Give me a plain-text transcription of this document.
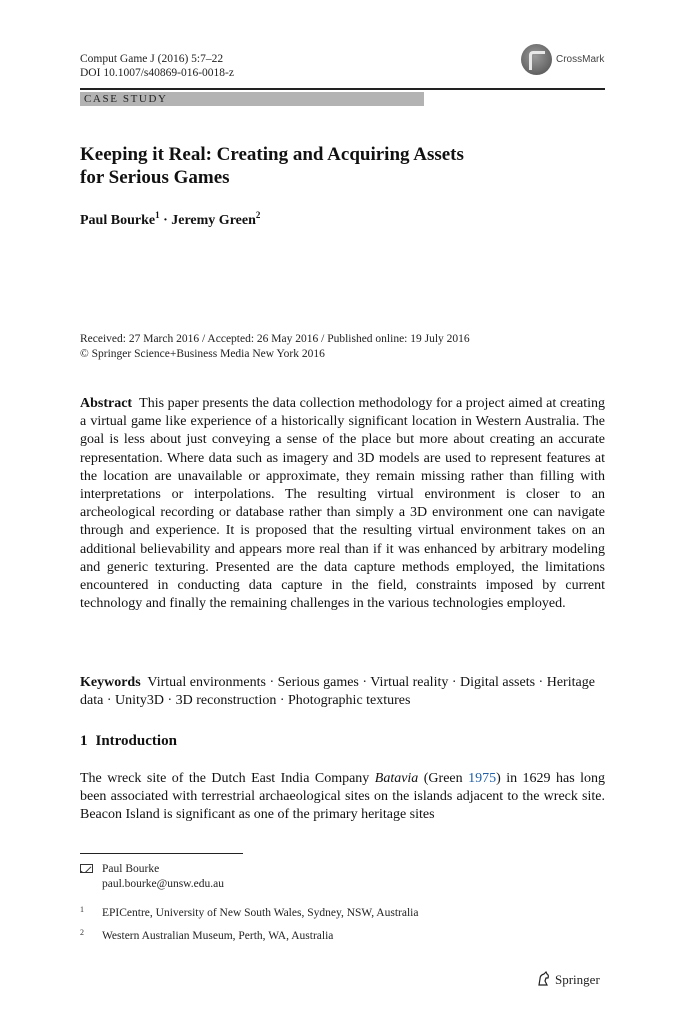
Comput Game J (2016) 5:7–22
DOI 10.1007/s40869-016-0018-z
CrossMark
CASE STUDY
Keeping it Real: Creating and Acquiring Assets
for Serious Games
Paul Bourke$^1$ · Jeremy Green$^2$
Received: 27 March 2016 / Accepted: 26 May 2016 / Published online: 19 July 2016
© Springer Science+Business Media New York 2016

Abstract This paper presents the data collection methodology for a project aimed at creating a virtual game like experience of a historically significant location in Western Australia. The goal is less about just conveying a sense of the place but more about creating an accurate representation. Where data such as imagery and 3D models are used to represent features at the location are unavailable or approximate, they remain missing rather than filling with interpretations or interpolations. The resulting virtual environment is closer to an archeological recording or database rather than simply a 3D environment one can navigate through and experience. It is proposed that the resulting virtual environment takes on an additional believability and appears more real than if it was enhanced by arbitrary modeling and generic texturing. Presented are the data capture methods employed, the limitations encountered in conducting data capture in the field, constraints imposed by current technology and finally the remaining challenges in the various technologies employed.

Keywords Virtual environments · Serious games · Virtual reality · Digital assets · Heritage data · Unity3D · 3D reconstruction · Photographic textures

1 Introduction

The wreck site of the Dutch East India Company Batavia (Green 1975) in 1629 has long been associated with terrestrial archaeological sites on the islands adjacent to the wreck site. Beacon Island is significant as one of the primary heritage sites

Paul Bourke
paul.bourke@unsw.edu.au
1 EPICentre, University of New South Wales, Sydney, NSW, Australia
2 Western Australian Museum, Perth, WA, Australia
Springer
